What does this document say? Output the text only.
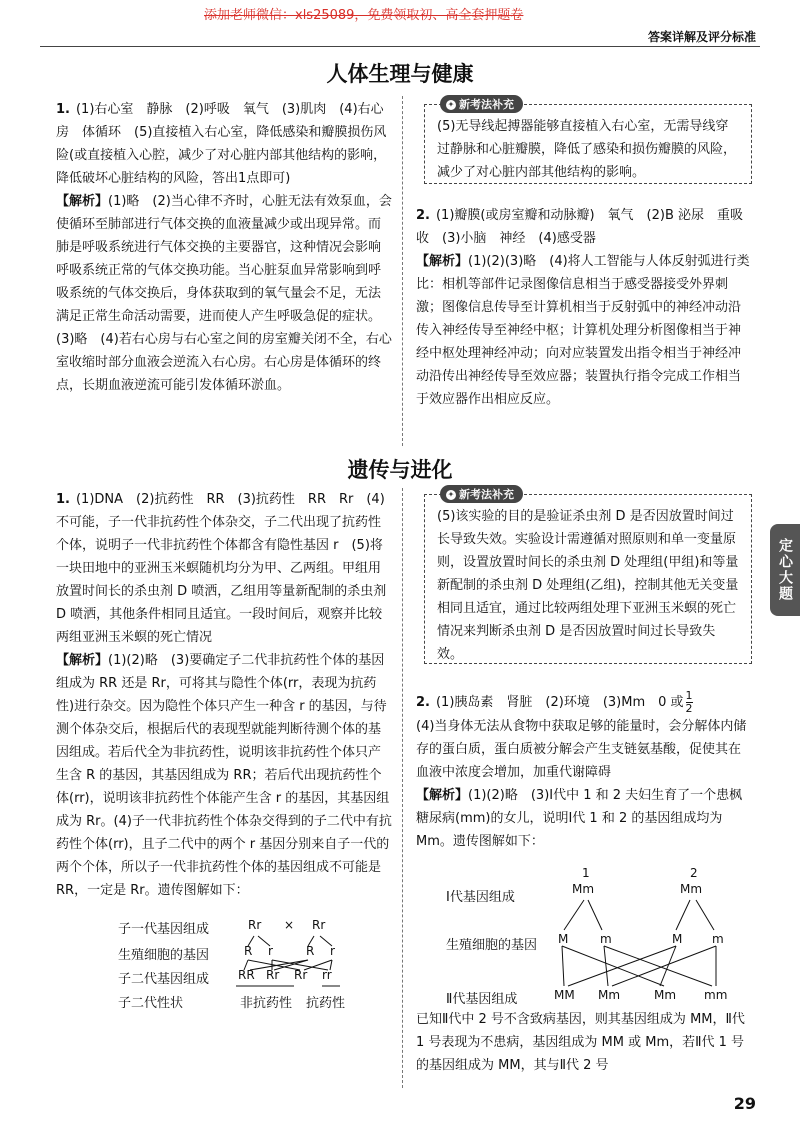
添加老师微信：xls25089，免费领取初、高全套押题卷
答案详解及评分标准
人体生理与健康

1. (1)右心室　静脉　(2)呼吸　氧气　(3)肌肉　(4)右心房　体循环　(5)直接植入右心室，降低感染和瓣膜损伤风险(或直接植入心腔，减少了对心脏内部其他结构的影响，降低破坏心脏结构的风险，答出1点即可)

【解析】(1)略　(2)当心律不齐时，心脏无法有效泵血，会使循环至肺部进行气体交换的血液量减少或出现异常。而肺是呼吸系统进行气体交换的主要器官，这种情况会影响呼吸系统正常的气体交换功能。当心脏泵血异常影响到呼吸系统的气体交换后，身体获取到的氧气量会不足，无法满足正常生命活动需要，进而使人产生呼吸急促的症状。(3)略　(4)若右心房与右心室之间的房室瓣关闭不全，右心室收缩时部分血液会逆流入右心房。右心房是体循环的终点，长期血液逆流可能引发体循环淤血。

(5)无导线起搏器能够直接植入右心室，无需导线穿过静脉和心脏瓣膜，降低了感染和损伤瓣膜的风险，减少了对心脏内部其他结构的影响。
✦ 新考法补充

2. (1)瓣膜(或房室瓣和动脉瓣)　氧气　(2)B 泌尿　重吸收　(3)小脑　神经　(4)感受器

【解析】(1)(2)(3)略　(4)将人工智能与人体反射弧进行类比：相机等部件记录图像信息相当于感受器接受外界刺激；图像信息传导至计算机相当于反射弧中的神经冲动沿传入神经传导至神经中枢；计算机处理分析图像相当于神经中枢处理神经冲动；向对应装置发出指令相当于神经冲动沿传出神经传导至效应器；装置执行指令完成工作相当于效应器作出相应反应。

遗传与进化

1. (1)DNA　(2)抗药性　RR　(3)抗药性　RR　Rr　(4)不可能，子一代非抗药性个体杂交，子二代出现了抗药性个体，说明子一代非抗药性个体都含有隐性基因 r　(5)将一块田地中的亚洲玉米螟随机均分为甲、乙两组。甲组用放置时间长的杀虫剂 D 喷洒，乙组用等量新配制的杀虫剂 D 喷洒，其他条件相同且适宜。一段时间后，观察并比较两组亚洲玉米螟的死亡情况

【解析】(1)(2)略　(3)要确定子二代非抗药性个体的基因组成为 RR 还是 Rr，可将其与隐性个体(rr，表现为抗药性)进行杂交。因为隐性个体只产生一种含 r 的基因，与待测个体杂交后，根据后代的表现型就能判断待测个体的基因组成。若后代全为非抗药性，说明该非抗药性个体只产生含 R 的基因，其基因组成为 RR；若后代出现抗药性个体(rr)，说明该非抗药性个体能产生含 r 的基因，其基因组成为 Rr。(4)子一代非抗药性个体杂交得到的子二代中有抗药性个体(rr)，且子二代中的两个 r 基因分别来自子一代的两个个体，所以子一代非抗药性个体的基因组成不可能是 RR，一定是 Rr。遗传图解如下：

子一代基因组成
生殖细胞的基因
子二代基因组成
子二代性状
Rr × Rr
R r	R r
RR Rr Rr rr
非抗药性 抗药性
(5)该实验的目的是验证杀虫剂 D 是否因放置时间过长导致失效。实验设计需遵循对照原则和单一变量原则，设置放置时间长的杀虫剂 D 处理组(甲组)和等量新配制的杀虫剂 D 处理组(乙组)，控制其他无关变量相同且适宜，通过比较两组处理下亚洲玉米螟的死亡情况来判断杀虫剂 D 是否因放置时间过长导致失效。
✦ 新考法补充

2. (1)胰岛素　肾脏　(2)环境　(3)Mm　0 或 $\frac{1}{2}$

(4)当身体无法从食物中获取足够的能量时，会分解体内储存的蛋白质，蛋白质被分解会产生支链氨基酸，促使其在血液中浓度会增加，加重代谢障碍

【解析】(1)(2)略　(3)Ⅰ代中 1 和 2 夫妇生育了一个患枫糖尿病(mm)的女儿，说明Ⅰ代 1 和 2 的基因组成均为 Mm。遗传图解如下：

Ⅰ代基因组成
生殖细胞的基因
Ⅱ代基因组成
1	2
Mm	Mm
M	m	M m
MM Mm	Mm mm

已知Ⅱ代中 2 号不含致病基因，则其基因组成为 MM，Ⅱ代 1 号表现为不患病，基因组成为 MM 或 Mm，若Ⅱ代 1 号的基因组成为 MM，其与Ⅱ代 2 号

定心大题
29
